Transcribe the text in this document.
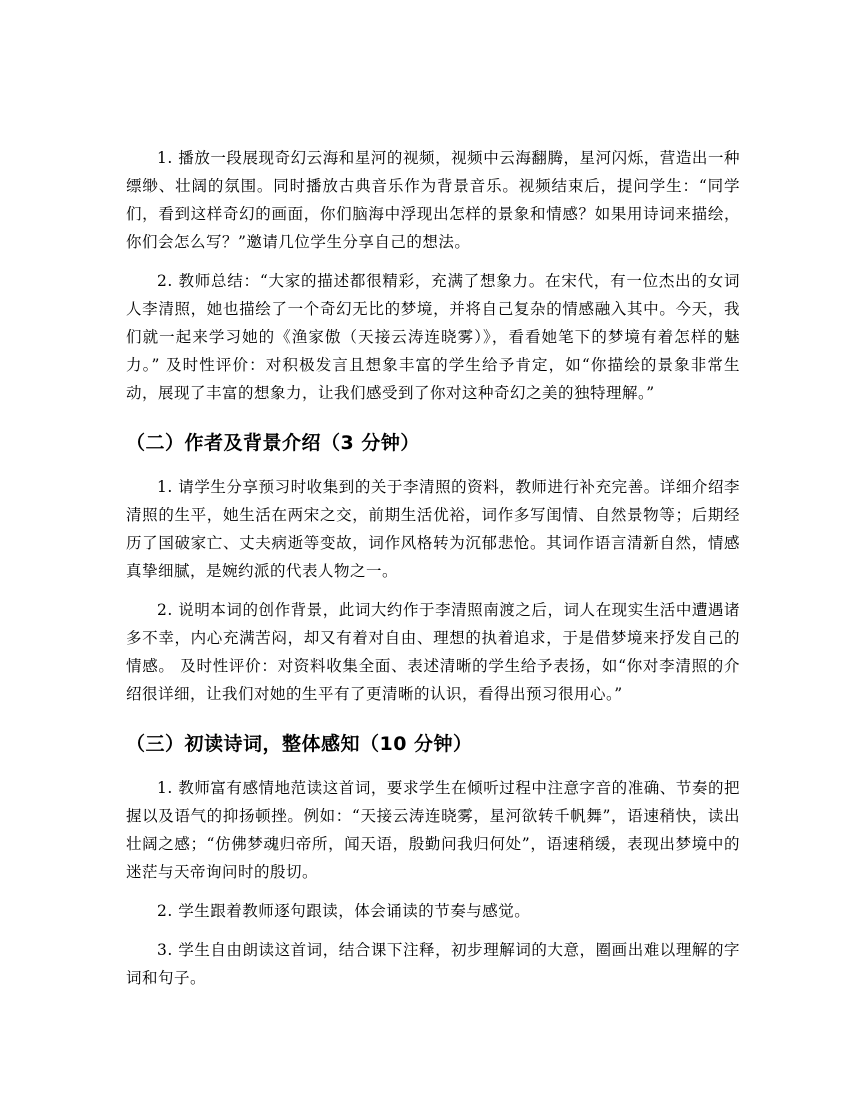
1. 播放一段展现奇幻云海和星河的视频，视频中云海翻腾，星河闪烁，营造出一种缥缈、壮阔的氛围。同时播放古典音乐作为背景音乐。视频结束后，提问学生：“同学们，看到这样奇幻的画面，你们脑海中浮现出怎样的景象和情感？如果用诗词来描绘，你们会怎么写？”邀请几位学生分享自己的想法。

2. 教师总结：“大家的描述都很精彩，充满了想象力。在宋代，有一位杰出的女词人李清照，她也描绘了一个奇幻无比的梦境，并将自己复杂的情感融入其中。今天，我们就一起来学习她的《渔家傲（天接云涛连晓雾）》，看看她笔下的梦境有着怎样的魅力。” 及时性评价：对积极发言且想象丰富的学生给予肯定，如“你描绘的景象非常生动，展现了丰富的想象力，让我们感受到了你对这种奇幻之美的独特理解。”

（二）作者及背景介绍（3 分钟）

1. 请学生分享预习时收集到的关于李清照的资料，教师进行补充完善。详细介绍李清照的生平，她生活在两宋之交，前期生活优裕，词作多写闺情、自然景物等；后期经历了国破家亡、丈夫病逝等变故，词作风格转为沉郁悲怆。其词作语言清新自然，情感真挚细腻，是婉约派的代表人物之一。

2. 说明本词的创作背景，此词大约作于李清照南渡之后，词人在现实生活中遭遇诸多不幸，内心充满苦闷，却又有着对自由、理想的执着追求，于是借梦境来抒发自己的情感。 及时性评价：对资料收集全面、表述清晰的学生给予表扬，如“你对李清照的介绍很详细，让我们对她的生平有了更清晰的认识，看得出预习很用心。”

（三）初读诗词，整体感知（10 分钟）

1. 教师富有感情地范读这首词，要求学生在倾听过程中注意字音的准确、节奏的把握以及语气的抑扬顿挫。例如：“天接云涛连晓雾，星河欲转千帆舞”，语速稍快，读出壮阔之感；“仿佛梦魂归帝所，闻天语，殷勤问我归何处”，语速稍缓，表现出梦境中的迷茫与天帝询问时的殷切。

2. 学生跟着教师逐句跟读，体会诵读的节奏与感觉。

3. 学生自由朗读这首词，结合课下注释，初步理解词的大意，圈画出难以理解的字词和句子。
